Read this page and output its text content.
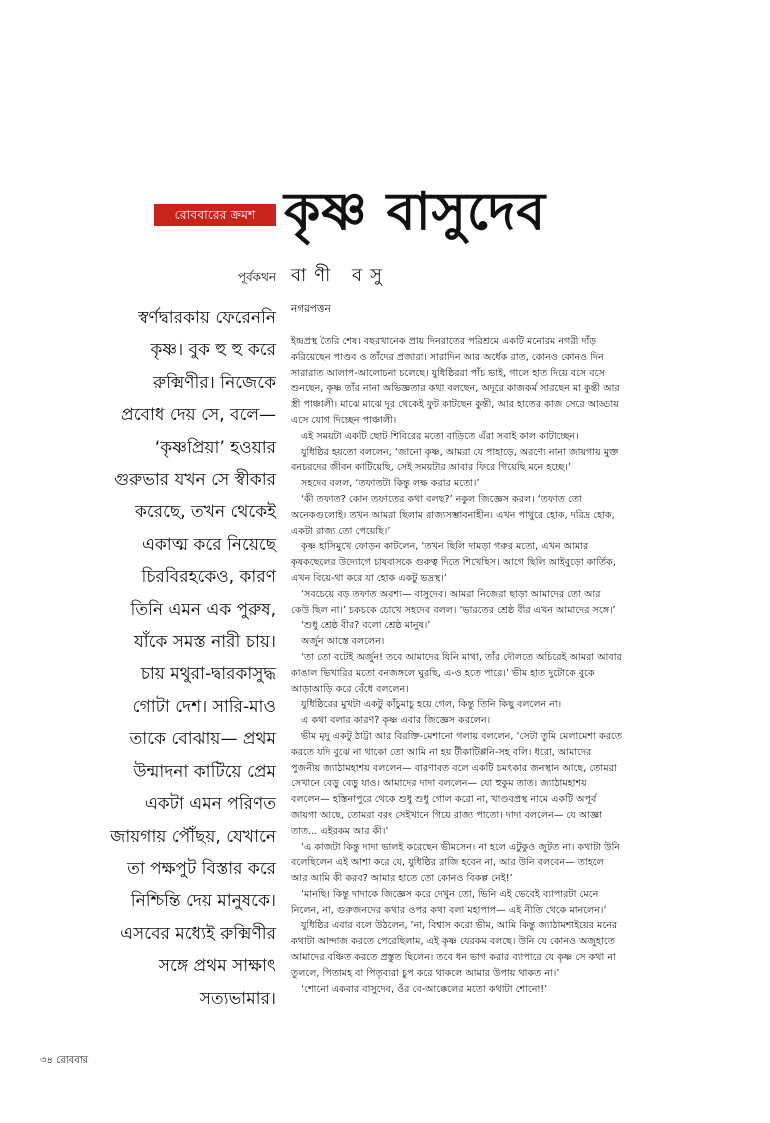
রোববারের ক্রমশ কৃষ্ণ বাসুদেব
বাণী বসু
পূর্বকথন
স্বর্ণদ্বারকায় ফেরেননি
কৃষ্ণ। বুক হু হু করে
রুক্মিণীর। নিজেকে
প্রবোধ দেয় সে, বলে—
‘কৃষ্ণপ্রিয়া’ হওয়ার
গুরুভার যখন সে স্বীকার
করেছে, তখন থেকেই
একাত্ম করে নিয়েছে
চিরবিরহকেও, কারণ
তিনি এমন এক পুরুষ,
যাঁকে সমস্ত নারী চায়।
চায় মথুরা-দ্বারকাসুদ্ধ
গোটা দেশ। সারি-মাও
তাকে বোঝায়— প্রথম
উন্মাদনা কাটিয়ে প্রেম
একটা এমন পরিণত
জায়গায় পৌঁছয়, যেখানে
তা পক্ষপুট বিস্তার করে
নিশ্চিন্তি দেয় মানুষকে।
এসবের মধ্যেই রুক্মিণীর
সঙ্গে প্রথম সাক্ষাৎ
সত্যভামার।
নগরপত্তন
ইন্দ্রপ্রস্থ তৈরি শেষ। বছরখানেক প্রায় দিনরাতের পরিশ্রমে একটি মনোরম নগরী দাঁড়
করিয়েছেন পাণ্ডব ও তাঁদের প্রজারা। সারাদিন আর অর্ধেক রাত, কোনও কোনও দিন
সারারাত আলাপ-আলোচনা চলেছে। যুধিষ্ঠিররা পাঁচ ভাই, গালে হাত দিয়ে বসে বসে
শুনছেন, কৃষ্ণ তাঁর নানা অভিজ্ঞতার কথা বলছেন, অদূরে কাজকর্ম সারছেন মা কুন্তী আর
স্ত্রী পাঞ্চালী। মাঝে মাঝে দূর থেকেই ফুট কাটছেন কুন্তী, আর হাতের কাজ সেরে আড্ডায়
এসে যোগ দিচ্ছেন পাঞ্চালী।
এই সময়টা একটি ছোট শিবিরের মতো বাড়িতে এঁরা সবাই কাল কাটাচ্ছেন।
যুধিষ্ঠির হয়তো বললেন, ‘জানো কৃষ্ণ, আমরা যে পাহাড়ে, অরণ্যে নানা জায়গায় মুক্ত
বনচরদের জীবন কাটিয়েছি, সেই সময়টার আবার ফিরে গিয়েছি মনে হচ্ছে।’
সহদেব বলল, ‘তফাতটা কিন্তু লক্ষ করার মতো।’
‘কী তফাত? কোন তফাতের কথা বলছ?’ নকুল জিজ্ঞেস করল। ‘তফাত তো
অনেকগুলোই। তখন আমরা ছিলাম রাজ্যসম্ভাবনাহীন। এখন পাথুরে হোক, দরিদ্র হোক,
একটা রাজ্য তো পেয়েছি।’
কৃষ্ণ হাসিমুখে ফোড়ন কাটলেন, ‘তখন ছিলি দামড়া গরুর মতো, এখন আমার
কৃষকছেলের উদ্যোগে চাষবাসকে গুরুত্ব দিতে শিখেছিস। আগে ছিলি আইবুড়ো কার্তিক,
এখন বিয়ে-থা করে যা হোক একটু ভদ্রস্থ।’
‘সবচেয়ে বড় তফাত অবশ্য— বাসুদেব। আমরা নিজেরা ছাড়া আমাদের তো আর
কেউ ছিল না।’ চকচকে চোখে সহদেব বলল। ‘ভারতের শ্রেষ্ঠ বীর এখন আমাদের সঙ্গে।’
‘শুধু শ্রেষ্ঠ বীর? বলো শ্রেষ্ঠ মানুষ।’
অর্জুন আস্তে বললেন।
‘তা তো বটেই অর্জুন! তবে আমাদের যিনি মাথা, তাঁর দৌলতে অচিরেই আমরা আবার
কাঙাল ভিখারির মতো বনজঙ্গলে ঘুরছি, এ-ও হতে পারে।’ ভীম হাত দুটোকে বুকে
আড়াআড়ি করে বেঁধে বললেন।
যুধিষ্ঠিরের মুখটা একটু কাঁচুমাচু হয়ে গেল, কিন্তু তিনি কিছু বললেন না।
এ কথা বলার কারণ? কৃষ্ণ এবার জিজ্ঞেস করলেন।
ভীম মৃদু একটু ঠাট্টা আর বিরক্তি-মেশানো গলায় বললেন, ‘সেটা তুমি মেলামেশা করতে
করতে যদি বুঝে না থাকো তো আমি না হয় টীকাটিপ্পনি-সহ বলি। ধরো, আমাদের
পুজনীয় জ্যাঠামহাশয় বললেন— বারণাবত বলে একটি চমৎকার জনস্থান আছে, তোমরা
সেখানে বেড়ু বেড়ু যাও। আমাদের দাদা বললেন— যো হুকুম তাত। জ্যাঠামহাশয়
বললেন— হস্তিনাপুরে থেকে শুধু শুধু গোল করো না, খাণ্ডবপ্রস্থ নামে একটি অপূর্ব
জায়গা আছে, তোমরা বরং সেইখানে গিয়ে রাজ্য পাতো। দাদা বললেন— যে আজ্ঞা
তাত... এইরকম আর কী।’
‘এ কাজটা কিন্তু দাদা ভালই করেছেন ভীমসেন। না হলে এটুকুও জুটত না। কথাটা উনি
বলেছিলেন এই আশা করে যে, যুধিষ্ঠির রাজি হবেন না, আর উনি বলবেন— তাহলে
আর আমি কী করব? আমার হাতে তো কোনও বিকল্প নেই!’
‘মানছি। কিন্তু দাদাকে জিজ্ঞেস করে দেখুন তো, ভিনি এই ভেবেই ব্যাপারটা মেনে
নিলেন, না, গুরুজনদের কথার ওপর কথা বলা মহাপাপ— এই নীতি থেকে মানলেন।’
যুধিষ্ঠির এবার বলে উঠলেন, ‘না, বিশ্বাস করো ভীম, আমি কিন্তু জ্যাঠামশাইয়ের মনের
কথাটা আন্দাজ করতে পেরেছিলাম, এই কৃষ্ণ যেরকম বলছে। উনি যে কোনও অজুহাতে
আমাদের বঞ্চিত করতে প্রস্তুত ছিলেন। তবে ধন ভাগ করার ব্যাপারে যে কৃষ্ণ সে কথা না
তুললে, পিতামহ বা পিতৃব্যরা চুপ করে থাকলে আমার উপায় থাকত না।’
‘শোনো একবার বাসুদেব, ওঁর বে-আক্কেলের মতো কথাটা শোনো!’
৩৪ রোববার
